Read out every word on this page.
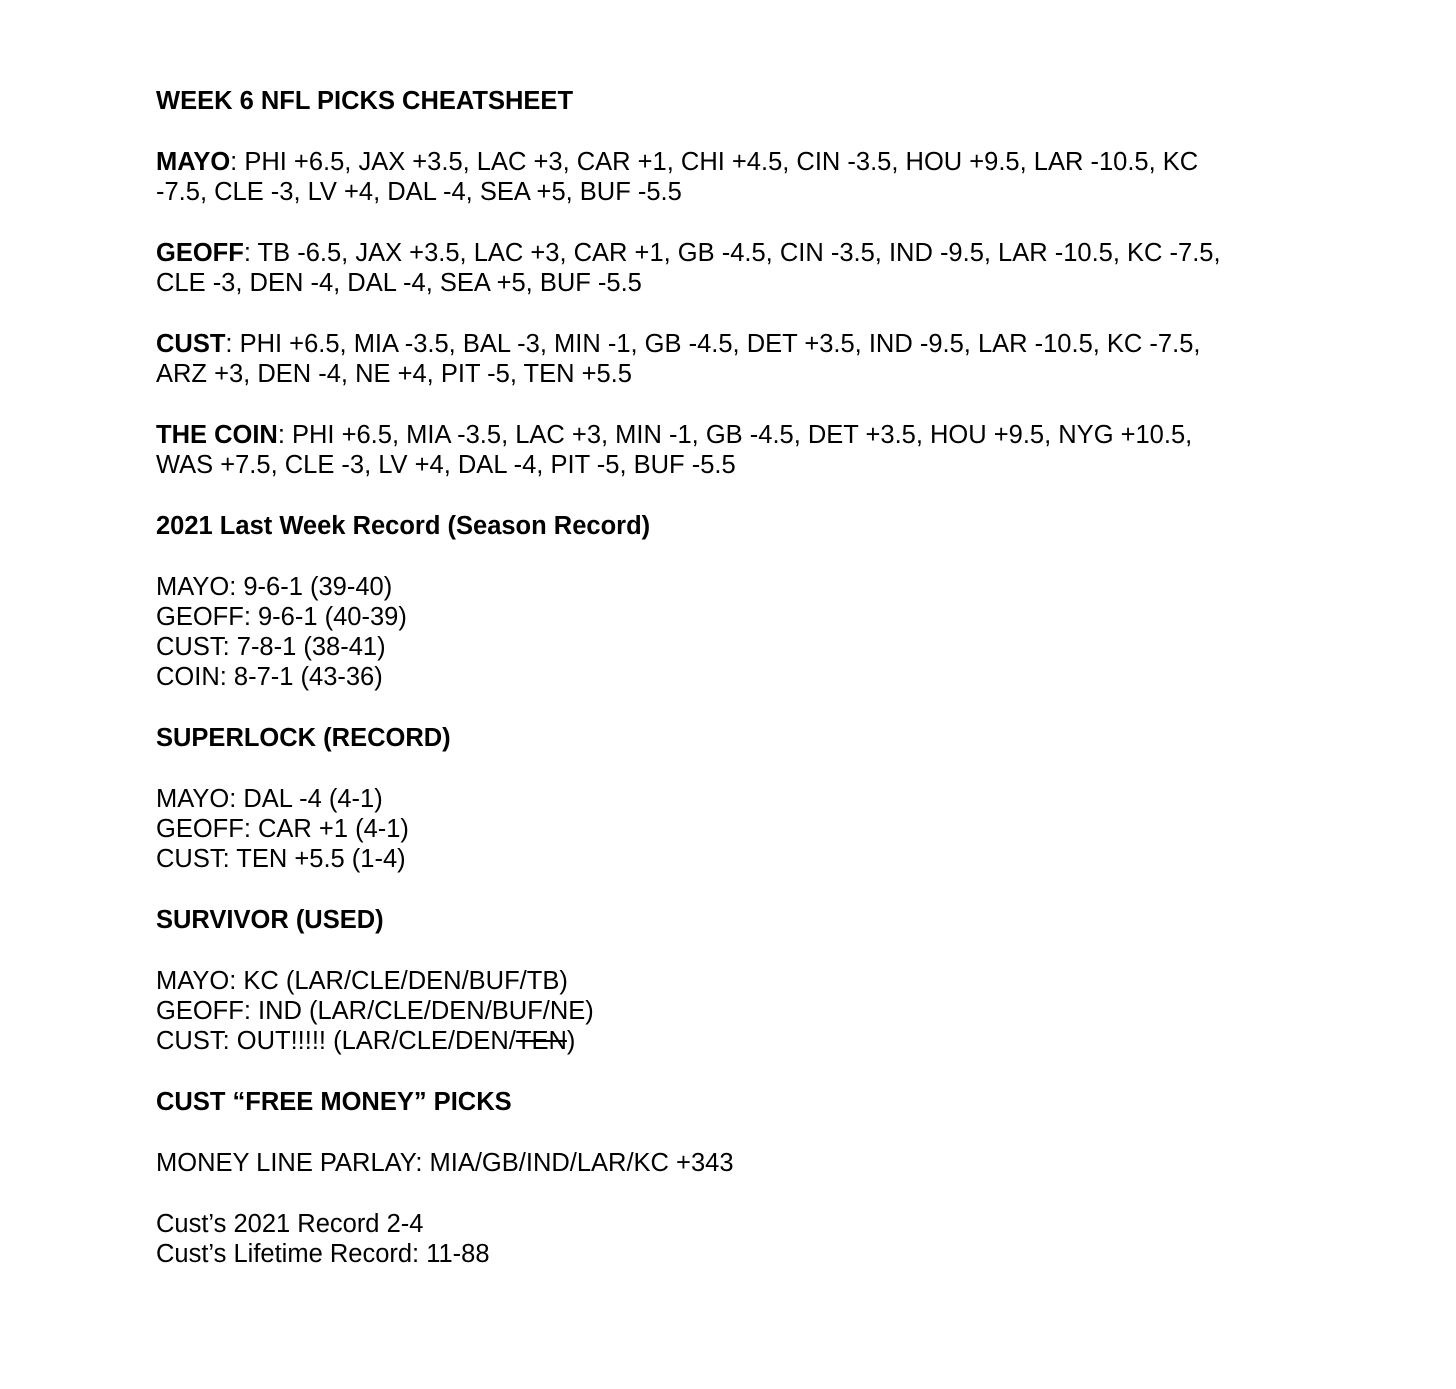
WEEK 6 NFL PICKS CHEATSHEET

MAYO: PHI +6.5, JAX +3.5, LAC +3, CAR +1, CHI +4.5, CIN -3.5, HOU +9.5, LAR -10.5, KC
-7.5, CLE -3, LV +4, DAL -4, SEA +5, BUF -5.5

GEOFF: TB -6.5, JAX +3.5, LAC +3, CAR +1, GB -4.5, CIN -3.5, IND -9.5, LAR -10.5, KC -7.5,
CLE -3, DEN -4, DAL -4, SEA +5, BUF -5.5

CUST: PHI +6.5, MIA -3.5, BAL -3, MIN -1, GB -4.5, DET +3.5, IND -9.5, LAR -10.5, KC -7.5,
ARZ +3, DEN -4, NE +4, PIT -5, TEN +5.5

THE COIN: PHI +6.5, MIA -3.5, LAC +3, MIN -1, GB -4.5, DET +3.5, HOU +9.5, NYG +10.5,
WAS +7.5, CLE -3, LV +4, DAL -4, PIT -5, BUF -5.5

2021 Last Week Record (Season Record)

MAYO: 9-6-1 (39-40)
GEOFF: 9-6-1 (40-39)
CUST: 7-8-1 (38-41)
COIN: 8-7-1 (43-36)

SUPERLOCK (RECORD)

MAYO: DAL -4 (4-1)
GEOFF: CAR +1 (4-1)
CUST: TEN +5.5 (1-4)

SURVIVOR (USED)

MAYO: KC (LAR/CLE/DEN/BUF/TB)
GEOFF: IND (LAR/CLE/DEN/BUF/NE)
CUST: OUT!!!!! (LAR/CLE/DEN/TEN)

CUST “FREE MONEY” PICKS

MONEY LINE PARLAY: MIA/GB/IND/LAR/KC +343

Cust’s 2021 Record 2-4
Cust’s Lifetime Record: 11-88
